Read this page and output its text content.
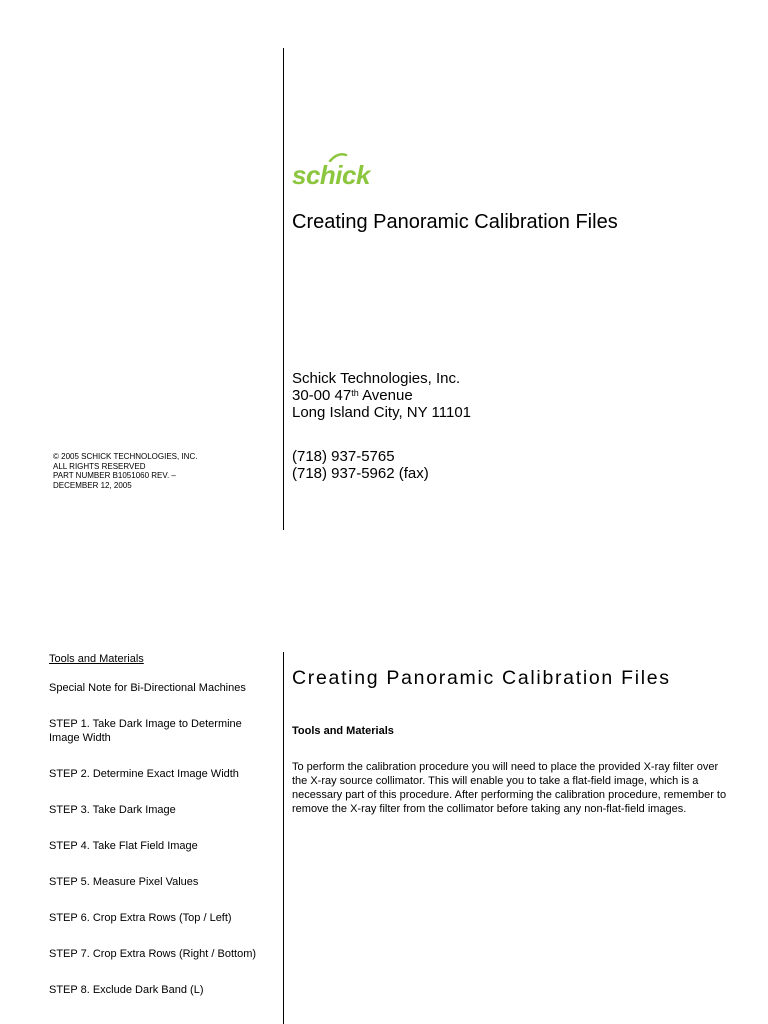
schick
Creating Panoramic Calibration Files
Schick Technologies, Inc.
30-00 47th Avenue
Long Island City, NY 11101
(718) 937-5765
(718) 937-5962 (fax)
© 2005 SCHICK TECHNOLOGIES, INC.
ALL RIGHTS RESERVED
PART NUMBER B1051060 REV. –
DECEMBER 12, 2005
Tools and Materials
Special Note for Bi-Directional Machines
STEP 1. Take Dark Image to Determine Image Width
STEP 2. Determine Exact Image Width
STEP 3. Take Dark Image
STEP 4. Take Flat Field Image
STEP 5. Measure Pixel Values
STEP 6. Crop Extra Rows (Top / Left)
STEP 7. Crop Extra Rows (Right / Bottom)
STEP 8. Exclude Dark Band (L)
Creating Panoramic Calibration Files
Tools and Materials
To perform the calibration procedure you will need to place the provided X-ray filter over the X-ray source collimator. This will enable you to take a flat-field image, which is a necessary part of this procedure. After performing the calibration procedure, remember to remove the X-ray filter from the collimator before taking any non-flat-field images.
